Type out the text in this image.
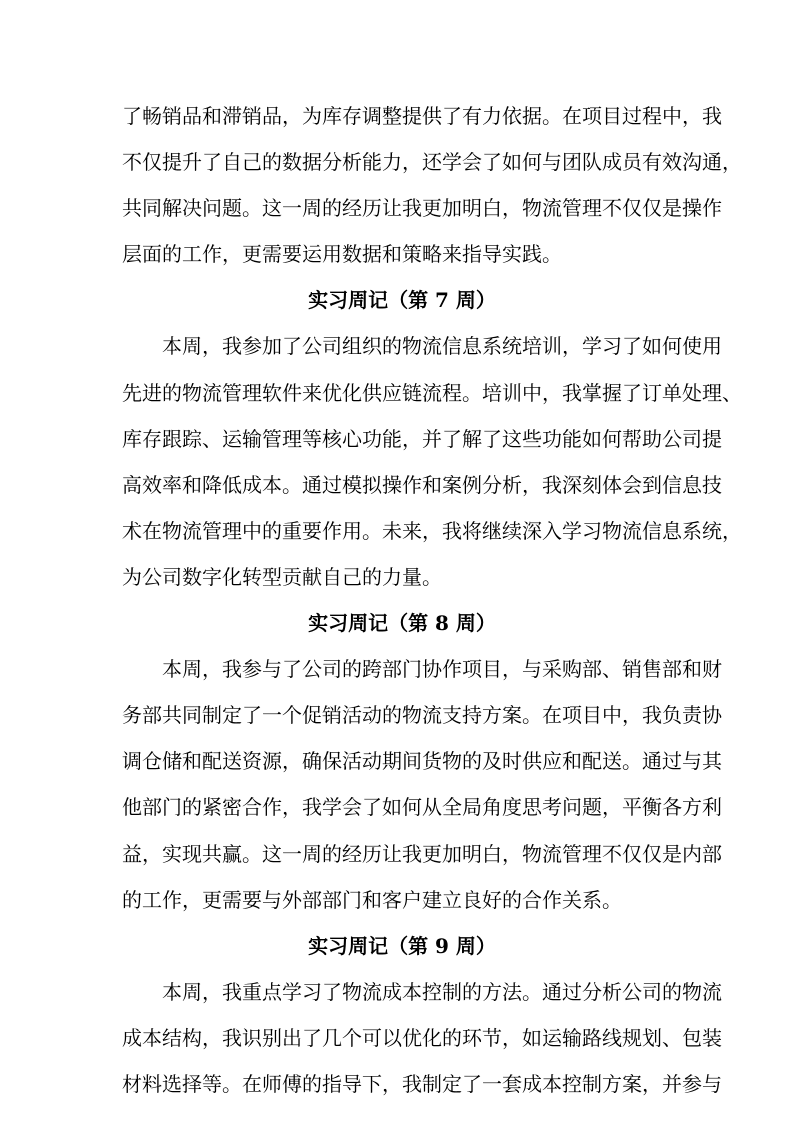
了畅销品和滞销品，为库存调整提供了有力依据。在项目过程中，我
不仅提升了自己的数据分析能力，还学会了如何与团队成员有效沟通，
共同解决问题。这一周的经历让我更加明白，物流管理不仅仅是操作
层面的工作，更需要运用数据和策略来指导实践。
实习周记（第 7 周）
本周，我参加了公司组织的物流信息系统培训，学习了如何使用
先进的物流管理软件来优化供应链流程。培训中，我掌握了订单处理、
库存跟踪、运输管理等核心功能，并了解了这些功能如何帮助公司提
高效率和降低成本。通过模拟操作和案例分析，我深刻体会到信息技
术在物流管理中的重要作用。未来，我将继续深入学习物流信息系统，
为公司数字化转型贡献自己的力量。
实习周记（第 8 周）
本周，我参与了公司的跨部门协作项目，与采购部、销售部和财
务部共同制定了一个促销活动的物流支持方案。在项目中，我负责协
调仓储和配送资源，确保活动期间货物的及时供应和配送。通过与其
他部门的紧密合作，我学会了如何从全局角度思考问题，平衡各方利
益，实现共赢。这一周的经历让我更加明白，物流管理不仅仅是内部
的工作，更需要与外部部门和客户建立良好的合作关系。
实习周记（第 9 周）
本周，我重点学习了物流成本控制的方法。通过分析公司的物流
成本结构，我识别出了几个可以优化的环节，如运输路线规划、包装
材料选择等。在师傅的指导下，我制定了一套成本控制方案，并参与
